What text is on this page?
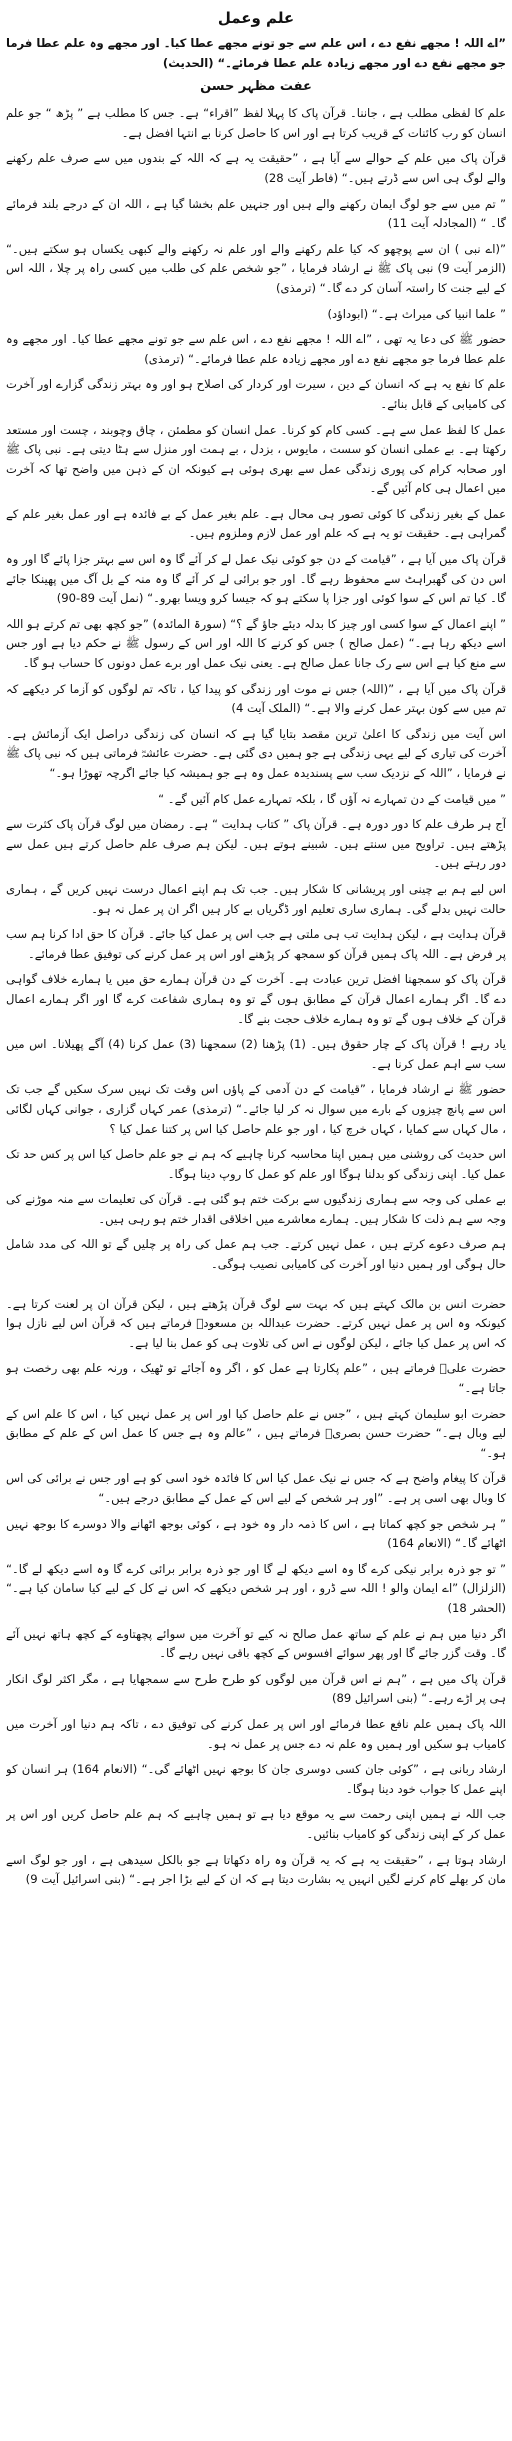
علم وعمل
”اے اللہ ! مجھے نفع دے ، اس علم سے جو تونے مجھے عطا کیا۔ اور مجھے وہ علم عطا فرما جو مجھے نفع دے اور مجھے زیادہ علم عطا فرمائے۔“ (الحدیث)
عفت مظہر حسن
علم کا لفظی مطلب ہے ، جاننا۔ قرآن پاک کا پہلا لفظ ”اقراء“ ہے۔ جس کا مطلب ہے ” پڑھ “ جو علم انسان کو رب کائنات کے قریب کرتا ہے اور اس کا حاصل کرنا بے انتہا افضل ہے۔
قرآن پاک میں علم کے حوالے سے آیا ہے ، ”حقیقت یہ ہے کہ اللہ کے بندوں میں سے صرف علم رکھنے والے لوگ ہی اس سے ڈرتے ہیں۔“ (فاطر آیت 28)
” تم میں سے جو لوگ ایمان رکھنے والے ہیں اور جنہیں علم بخشا گیا ہے ، اللہ ان کے درجے بلند فرمائے گا۔ “ (المجادلہ آیت 11)
”(اے نبی ) ان سے پوچھو کہ کیا علم رکھنے والے اور علم نہ رکھنے والے کبھی یکساں ہو سکتے ہیں۔“ (الزمر آیت 9) نبی پاک ﷺ نے ارشاد فرمایا ، ”جو شخص علم کی طلب میں کسی راہ پر چلا ، اللہ اس کے لیے جنت کا راستہ آسان کر دے گا۔“ (ترمذی)
” علما انبیا کی میراث ہے۔“ (ابوداؤد)
حضور ﷺ کی دعا یہ تھی ، ”اے اللہ ! مجھے نفع دے ، اس علم سے جو تونے مجھے عطا کیا۔ اور مجھے وہ علم عطا فرما جو مجھے نفع دے اور مجھے زیادہ علم عطا فرمائے۔“ (ترمذی)
علم کا نفع یہ ہے کہ انسان کے دین ، سیرت اور کردار کی اصلاح ہو اور وہ بہتر زندگی گزارے اور آخرت کی کامیابی کے قابل بنائے۔
عمل کا لفظ عمل سے ہے۔ کسی کام کو کرنا۔ عمل انسان کو مطمئن ، چاق وچوبند ، چست اور مستعد رکھتا ہے۔ بے عملی انسان کو سست ، مایوس ، بزدل ، بے ہمت اور منزل سے ہٹا دیتی ہے۔ نبی پاک ﷺ اور صحابہ کرام کی پوری زندگی عمل سے بھری ہوئی ہے کیونکہ ان کے ذہن میں واضح تھا کہ آخرت میں اعمال ہی کام آئیں گے۔
عمل کے بغیر زندگی کا کوئی تصور ہی محال ہے۔ علم بغیر عمل کے بے فائدہ ہے اور عمل بغیر علم کے گمراہی ہے۔ حقیقت تو یہ ہے کہ علم اور عمل لازم وملزوم ہیں۔
قرآن پاک میں آیا ہے ، ”قیامت کے دن جو کوئی نیک عمل لے کر آئے گا وہ اس سے بہتر جزا پائے گا اور وہ اس دن کی گھبراہٹ سے محفوظ رہے گا۔ اور جو برائی لے کر آئے گا وہ منہ کے بل آگ میں پھینکا جائے گا۔ کیا تم اس کے سوا کوئی اور جزا پا سکتے ہو کہ جیسا کرو ویسا بھرو۔“ (نمل آیت 89-90)
” اپنے اعمال کے سوا کسی اور چیز کا بدلہ دیئے جاؤ گے ؟“ (سورۃ المائدہ) ”جو کچھ بھی تم کرتے ہو اللہ اسے دیکھ رہا ہے۔“ (عمل صالح ) جس کو کرنے کا اللہ اور اس کے رسول ﷺ نے حکم دیا ہے اور جس سے منع کیا ہے اس سے رک جانا عمل صالح ہے۔ یعنی نیک عمل اور برے عمل دونوں کا حساب ہو گا۔
قرآن پاک میں آیا ہے ، ”(اللہ) جس نے موت اور زندگی کو پیدا کیا ، تاکہ تم لوگوں کو آزما کر دیکھے کہ تم میں سے کون بہتر عمل کرنے والا ہے۔“ (الملک آیت 4)
اس آیت میں زندگی کا اعلیٰ ترین مقصد بتایا گیا ہے کہ انسان کی زندگی دراصل ایک آزمائش ہے۔ آخرت کی تیاری کے لیے یہی زندگی ہے جو ہمیں دی گئی ہے۔ حضرت عائشہؓ فرماتی ہیں کہ نبی پاک ﷺ نے فرمایا ، ”اللہ کے نزدیک سب سے پسندیدہ عمل وہ ہے جو ہمیشہ کیا جائے اگرچہ تھوڑا ہو۔“
” میں قیامت کے دن تمہارے نہ آؤں گا ، بلکہ تمہارے عمل کام آئیں گے۔ “
آج ہر طرف علم کا دور دورہ ہے۔ قرآن پاک ” کتاب ہدایت “ ہے۔ رمضان میں لوگ قرآن پاک کثرت سے پڑھتے ہیں۔ تراویح میں سنتے ہیں۔ شبینے ہوتے ہیں۔ لیکن ہم صرف علم حاصل کرتے ہیں عمل سے دور رہتے ہیں۔
اس لیے ہم بے چینی اور پریشانی کا شکار ہیں۔ جب تک ہم اپنے اعمال درست نہیں کریں گے ، ہماری حالت نہیں بدلے گی۔ ہماری ساری تعلیم اور ڈگریاں بے کار ہیں اگر ان پر عمل نہ ہو۔
قرآن ہدایت ہے ، لیکن ہدایت تب ہی ملتی ہے جب اس پر عمل کیا جائے۔ قرآن کا حق ادا کرنا ہم سب پر فرض ہے۔ اللہ پاک ہمیں قرآن کو سمجھ کر پڑھنے اور اس پر عمل کرنے کی توفیق عطا فرمائے۔
قرآن پاک کو سمجھنا افضل ترین عبادت ہے۔ آخرت کے دن قرآن ہمارے حق میں یا ہمارے خلاف گواہی دے گا۔ اگر ہمارے اعمال قرآن کے مطابق ہوں گے تو وہ ہماری شفاعت کرے گا اور اگر ہمارے اعمال قرآن کے خلاف ہوں گے تو وہ ہمارے خلاف حجت بنے گا۔
یاد رہے ! قرآن پاک کے چار حقوق ہیں۔ (1) پڑھنا (2) سمجھنا (3) عمل کرنا (4) آگے پھیلانا۔ اس میں سب سے اہم عمل کرنا ہے۔
حضور ﷺ نے ارشاد فرمایا ، ”قیامت کے دن آدمی کے پاؤں اس وقت تک نہیں سرک سکیں گے جب تک اس سے پانچ چیزوں کے بارے میں سوال نہ کر لیا جائے۔“ (ترمذی) عمر کہاں گزاری ، جوانی کہاں لگائی ، مال کہاں سے کمایا ، کہاں خرچ کیا ، اور جو علم حاصل کیا اس پر کتنا عمل کیا ؟
اس حدیث کی روشنی میں ہمیں اپنا محاسبہ کرنا چاہیے کہ ہم نے جو علم حاصل کیا اس پر کس حد تک عمل کیا۔ اپنی زندگی کو بدلنا ہوگا اور علم کو عمل کا روپ دینا ہوگا۔
بے عملی کی وجہ سے ہماری زندگیوں سے برکت ختم ہو گئی ہے۔ قرآن کی تعلیمات سے منہ موڑنے کی وجہ سے ہم ذلت کا شکار ہیں۔ ہمارے معاشرے میں اخلاقی اقدار ختم ہو رہی ہیں۔
ہم صرف دعوے کرتے ہیں ، عمل نہیں کرتے۔ جب ہم عمل کی راہ پر چلیں گے تو اللہ کی مدد شامل حال ہوگی اور ہمیں دنیا اور آخرت کی کامیابی نصیب ہوگی۔
حضرت انس بن مالک کہتے ہیں کہ بہت سے لوگ قرآن پڑھتے ہیں ، لیکن قرآن ان پر لعنت کرتا ہے۔ کیونکہ وہ اس پر عمل نہیں کرتے۔ حضرت عبداللہ بن مسعودؓ فرماتے ہیں کہ قرآن اس لیے نازل ہوا کہ اس پر عمل کیا جائے ، لیکن لوگوں نے اس کی تلاوت ہی کو عمل بنا لیا ہے۔
حضرت علیؓ فرماتے ہیں ، ”علم پکارتا ہے عمل کو ، اگر وہ آجائے تو ٹھیک ، ورنہ علم بھی رخصت ہو جاتا ہے۔“
حضرت ابو سلیمان کہتے ہیں ، ”جس نے علم حاصل کیا اور اس پر عمل نہیں کیا ، اس کا علم اس کے لیے وبال ہے۔“ حضرت حسن بصریؒ فرماتے ہیں ، ”عالم وہ ہے جس کا عمل اس کے علم کے مطابق ہو۔“
قرآن کا پیغام واضح ہے کہ جس نے نیک عمل کیا اس کا فائدہ خود اسی کو ہے اور جس نے برائی کی اس کا وبال بھی اسی پر ہے۔ ”اور ہر شخص کے لیے اس کے عمل کے مطابق درجے ہیں۔“
” ہر شخص جو کچھ کماتا ہے ، اس کا ذمہ دار وہ خود ہے ، کوئی بوجھ اٹھانے والا دوسرے کا بوجھ نہیں اٹھائے گا۔“ (الانعام 164)
” تو جو ذرہ برابر نیکی کرے گا وہ اسے دیکھ لے گا اور جو ذرہ برابر برائی کرے گا وہ اسے دیکھ لے گا۔“ (الزلزال) ”اے ایمان والو ! اللہ سے ڈرو ، اور ہر شخص دیکھے کہ اس نے کل کے لیے کیا سامان کیا ہے۔“ (الحشر 18)
اگر دنیا میں ہم نے علم کے ساتھ عمل صالح نہ کیے تو آخرت میں سوائے پچھتاوے کے کچھ ہاتھ نہیں آئے گا۔ وقت گزر جائے گا اور پھر سوائے افسوس کے کچھ باقی نہیں رہے گا۔
قرآن پاک میں ہے ، ”ہم نے اس قرآن میں لوگوں کو طرح طرح سے سمجھایا ہے ، مگر اکثر لوگ انکار ہی پر اڑے رہے۔“ (بنی اسرائیل 89)
اللہ پاک ہمیں علم نافع عطا فرمائے اور اس پر عمل کرنے کی توفیق دے ، تاکہ ہم دنیا اور آخرت میں کامیاب ہو سکیں اور ہمیں وہ علم نہ دے جس پر عمل نہ ہو۔
ارشاد ربانی ہے ، ”کوئی جان کسی دوسری جان کا بوجھ نہیں اٹھائے گی۔“ (الانعام 164) ہر انسان کو اپنے عمل کا جواب خود دینا ہوگا۔
جب اللہ نے ہمیں اپنی رحمت سے یہ موقع دیا ہے تو ہمیں چاہیے کہ ہم علم حاصل کریں اور اس پر عمل کر کے اپنی زندگی کو کامیاب بنائیں۔
ارشاد ہوتا ہے ، ”حقیقت یہ ہے کہ یہ قرآن وہ راہ دکھاتا ہے جو بالکل سیدھی ہے ، اور جو لوگ اسے مان کر بھلے کام کرنے لگیں انہیں یہ بشارت دیتا ہے کہ ان کے لیے بڑا اجر ہے۔“ (بنی اسرائیل آیت 9)
